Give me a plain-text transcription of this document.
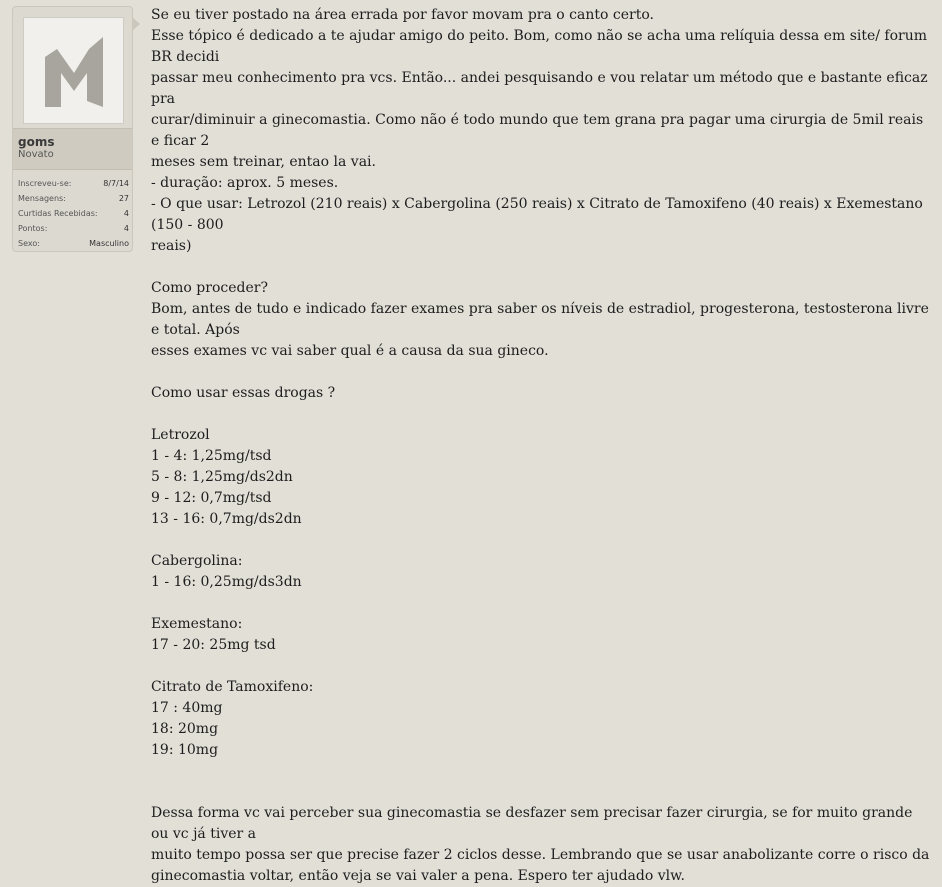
goms
Novato
Inscreveu-se:	8/7/14
Mensagens:	27
Curtidas Recebidas:	4
Pontos:	4
Sexo:	Masculino
Se eu tiver postado na área errada por favor movam pra o canto certo.
Esse tópico é dedicado a te ajudar amigo do peito. Bom, como não se acha uma relíquia dessa em site/ forum BR decidi
passar meu conhecimento pra vcs. Então... andei pesquisando e vou relatar um método que e bastante eficaz pra
curar/diminuir a ginecomastia. Como não é todo mundo que tem grana pra pagar uma cirurgia de 5mil reais e ficar 2
meses sem treinar, entao la vai.
- duração: aprox. 5 meses.
- O que usar: Letrozol (210 reais) x Cabergolina (250 reais) x Citrato de Tamoxifeno (40 reais) x Exemestano (150 - 800
reais)
Como proceder?
Bom, antes de tudo e indicado fazer exames pra saber os níveis de estradiol, progesterona, testosterona livre e total. Após
esses exames vc vai saber qual é a causa da sua gineco.
Como usar essas drogas ?
Letrozol
1 - 4: 1,25mg/tsd
5 - 8: 1,25mg/ds2dn
9 - 12: 0,7mg/tsd
13 - 16: 0,7mg/ds2dn
Cabergolina:
1 - 16: 0,25mg/ds3dn
Exemestano:
17 - 20: 25mg tsd
Citrato de Tamoxifeno:
17 : 40mg
18: 20mg
19: 10mg
Dessa forma vc vai perceber sua ginecomastia se desfazer sem precisar fazer cirurgia, se for muito grande ou vc já tiver a
muito tempo possa ser que precise fazer 2 ciclos desse. Lembrando que se usar anabolizante corre o risco da
ginecomastia voltar, então veja se vai valer a pena. Espero ter ajudado vlw.
